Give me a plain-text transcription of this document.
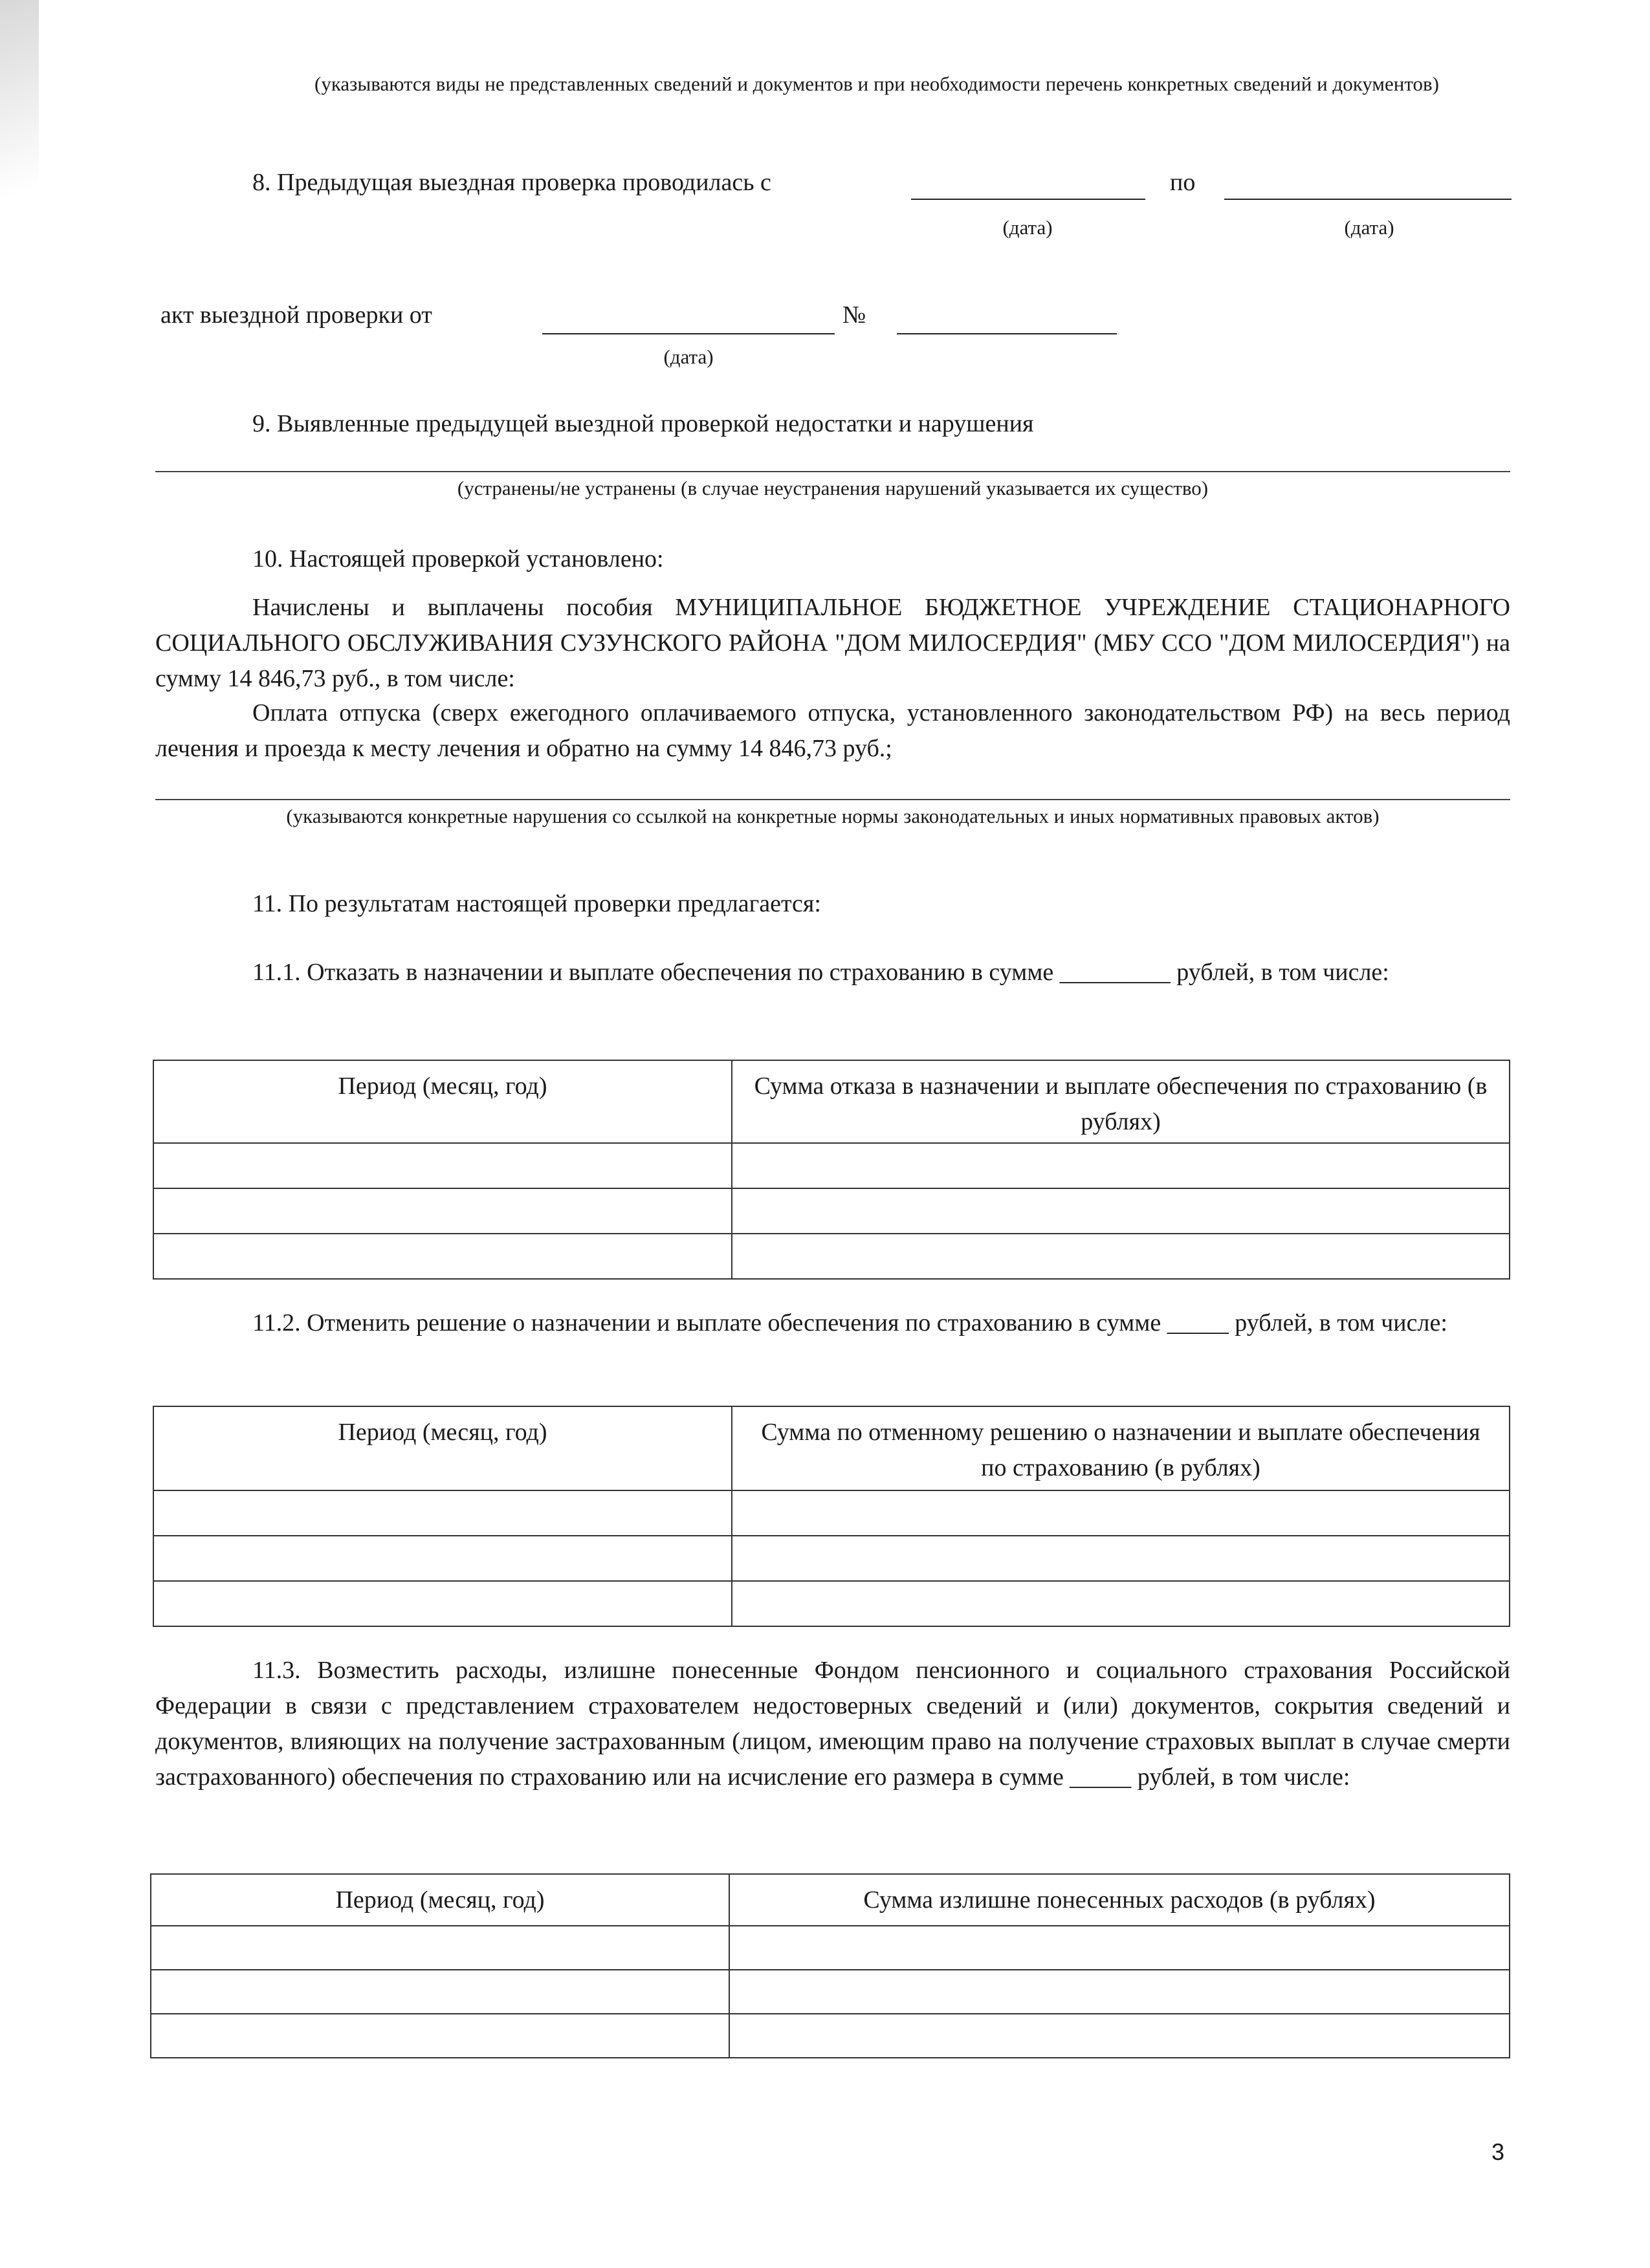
(указываются виды не представленных сведений и документов и при необходимости перечень конкретных сведений и документов)
8. Предыдущая выездная проверка проводилась с	по
(дата)	(дата)
акт выездной проверки от	№
(дата)
9. Выявленные предыдущей выездной проверкой недостатки и нарушения
(устранены/не устранены (в случае неустранения нарушений указывается их существо)
10. Настоящей проверкой установлено:
Начислены и выплачены пособия МУНИЦИПАЛЬНОЕ БЮДЖЕТНОЕ УЧРЕЖДЕНИЕ СТАЦИОНАРНОГО СОЦИАЛЬНОГО ОБСЛУЖИВАНИЯ СУЗУНСКОГО РАЙОНА "ДОМ МИЛОСЕРДИЯ" (МБУ ССО "ДОМ МИЛОСЕРДИЯ") на сумму 14 846,73 руб., в том числе:
Оплата отпуска (сверх ежегодного оплачиваемого отпуска, установленного законодательством РФ) на весь период лечения и проезда к месту лечения и обратно на сумму 14 846,73 руб.;
(указываются конкретные нарушения со ссылкой на конкретные нормы законодательных и иных нормативных правовых актов)
11. По результатам настоящей проверки предлагается:
11.1. Отказать в назначении и выплате обеспечения по страхованию в сумме _________ рублей, в том числе:
Период (месяц, год)	Сумма отказа в назначении и выплате обеспечения по страхованию (в рублях)

11.2. Отменить решение о назначении и выплате обеспечения по страхованию в сумме _____ рублей, в том числе:
Период (месяц, год)	Сумма по отменному решению о назначении и выплате обеспечения по страхованию (в рублях)

11.3. Возместить расходы, излишне понесенные Фондом пенсионного и социального страхования Российской Федерации в связи с представлением страхователем недостоверных сведений и (или) документов, сокрытия сведений и документов, влияющих на получение застрахованным (лицом, имеющим право на получение страховых выплат в случае смерти застрахованного) обеспечения по страхованию или на исчисление его размера в сумме _____ рублей, в том числе:
Период (месяц, год)	Сумма излишне понесенных расходов (в рублях)

3
